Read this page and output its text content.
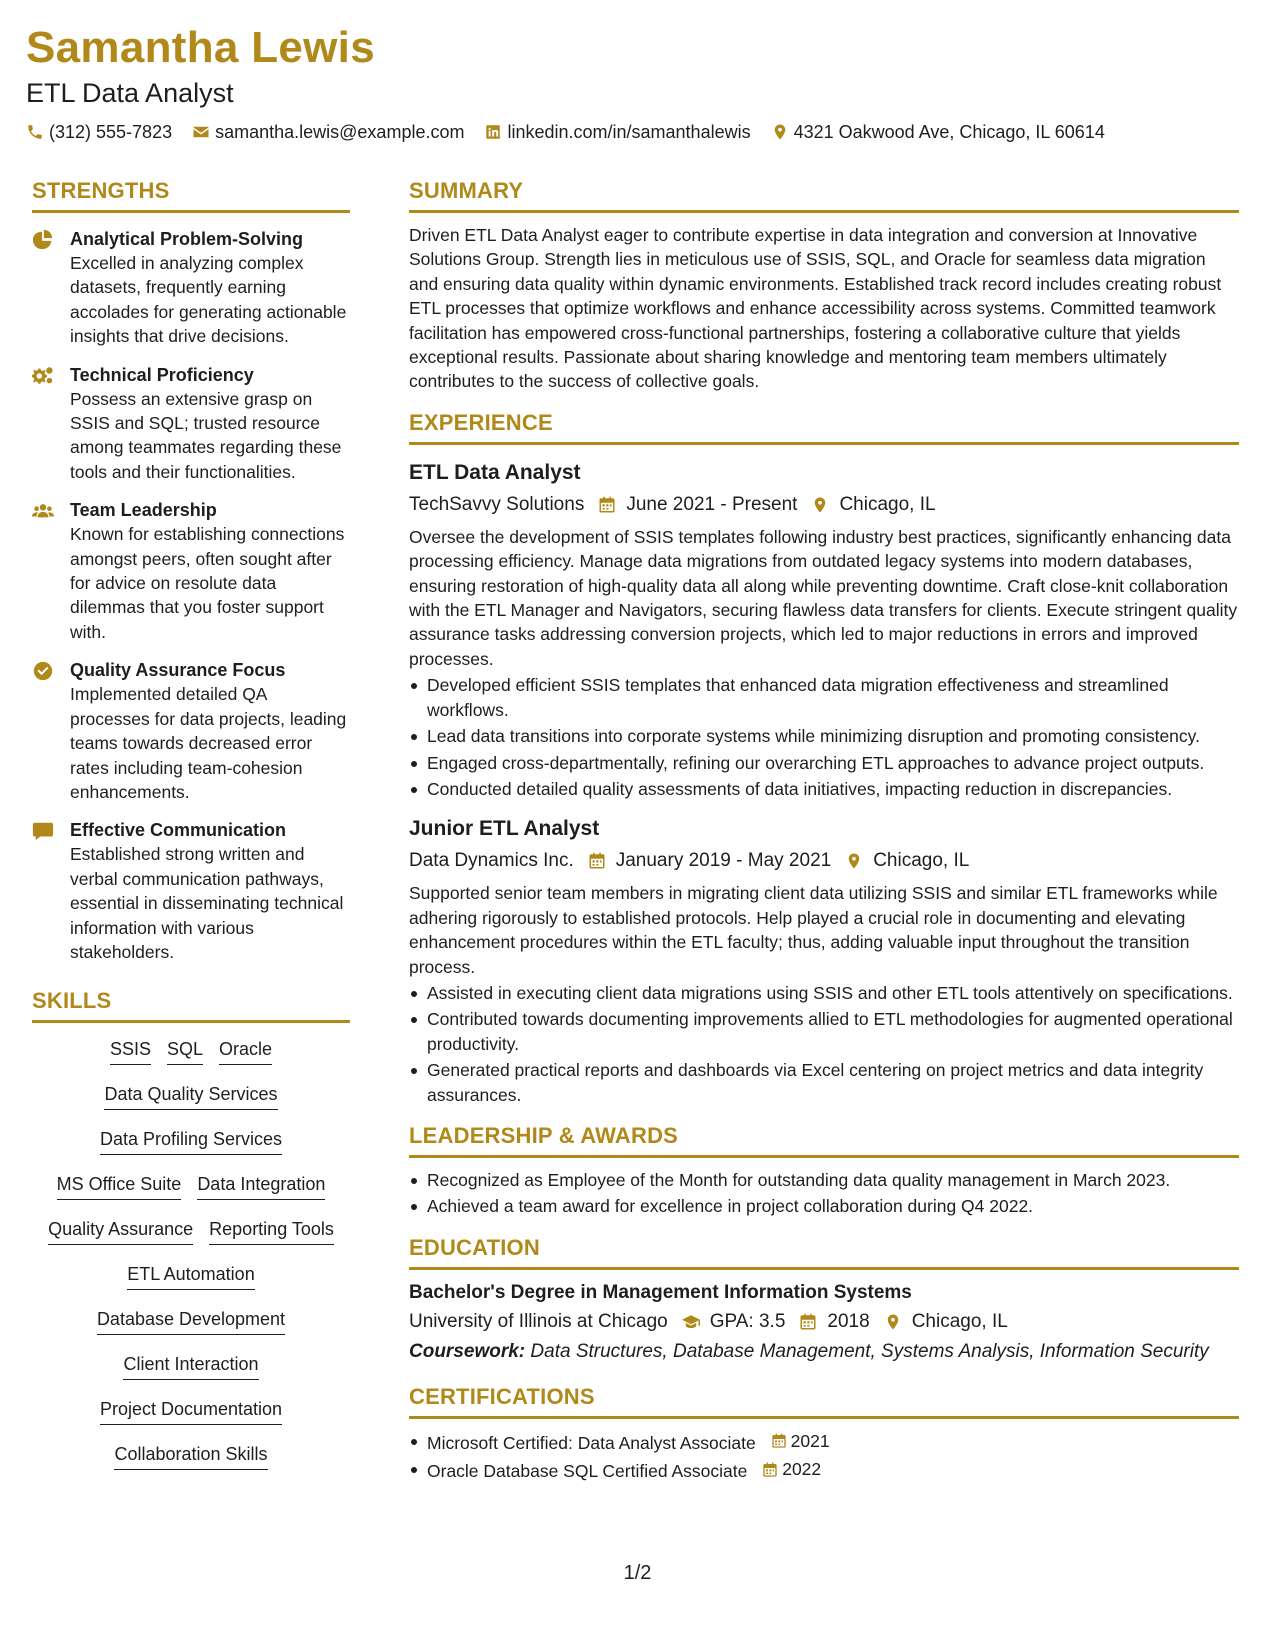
Samantha Lewis
ETL Data Analyst
(312) 555-7823 samantha.lewis@example.com linkedin.com/in/samanthalewis 4321 Oakwood Ave, Chicago, IL 60614
STRENGTHS
Analytical Problem-Solving
Excelled in analyzing complex datasets, frequently earning accolades for generating actionable insights that drive decisions.
Technical Proficiency
Possess an extensive grasp on SSIS and SQL; trusted resource among teammates regarding these tools and their functionalities.
Team Leadership
Known for establishing connections amongst peers, often sought after for advice on resolute data dilemmas that you foster support with.
Quality Assurance Focus
Implemented detailed QA processes for data projects, leading teams towards decreased error rates including team-cohesion enhancements.
Effective Communication
Established strong written and verbal communication pathways, essential in disseminating technical information with various stakeholders.
SKILLS
SSIS SQL Oracle
Data Quality Services
Data Profiling Services
MS Office Suite Data Integration
Quality Assurance Reporting Tools
ETL Automation
Database Development
Client Interaction
Project Documentation
Collaboration Skills
SUMMARY
Driven ETL Data Analyst eager to contribute expertise in data integration and conversion at Innovative Solutions Group. Strength lies in meticulous use of SSIS, SQL, and Oracle for seamless data migration and ensuring data quality within dynamic environments. Established track record includes creating robust ETL processes that optimize workflows and enhance accessibility across systems. Committed teamwork facilitation has empowered cross-functional partnerships, fostering a collaborative culture that yields exceptional results. Passionate about sharing knowledge and mentoring team members ultimately contributes to the success of collective goals.
EXPERIENCE
ETL Data Analyst
TechSavvy Solutions June 2021 - Present Chicago, IL
Oversee the development of SSIS templates following industry best practices, significantly enhancing data processing efficiency. Manage data migrations from outdated legacy systems into modern databases, ensuring restoration of high-quality data all along while preventing downtime. Craft close-knit collaboration with the ETL Manager and Navigators, securing flawless data transfers for clients. Execute stringent quality assurance tasks addressing conversion projects, which led to major reductions in errors and improved processes.
Developed efficient SSIS templates that enhanced data migration effectiveness and streamlined workflows.
Lead data transitions into corporate systems while minimizing disruption and promoting consistency.
Engaged cross-departmentally, refining our overarching ETL approaches to advance project outputs.
Conducted detailed quality assessments of data initiatives, impacting reduction in discrepancies.
Junior ETL Analyst
Data Dynamics Inc. January 2019 - May 2021 Chicago, IL
Supported senior team members in migrating client data utilizing SSIS and similar ETL frameworks while adhering rigorously to established protocols. Help played a crucial role in documenting and elevating enhancement procedures within the ETL faculty; thus, adding valuable input throughout the transition process.
Assisted in executing client data migrations using SSIS and other ETL tools attentively on specifications.
Contributed towards documenting improvements allied to ETL methodologies for augmented operational productivity.
Generated practical reports and dashboards via Excel centering on project metrics and data integrity assurances.
LEADERSHIP & AWARDS
Recognized as Employee of the Month for outstanding data quality management in March 2023.
Achieved a team award for excellence in project collaboration during Q4 2022.
EDUCATION
Bachelor's Degree in Management Information Systems
University of Illinois at Chicago GPA: 3.5 2018 Chicago, IL
Coursework: Data Structures, Database Management, Systems Analysis, Information Security
CERTIFICATIONS
Microsoft Certified: Data Analyst Associate 2021
Oracle Database SQL Certified Associate 2022
1/2
